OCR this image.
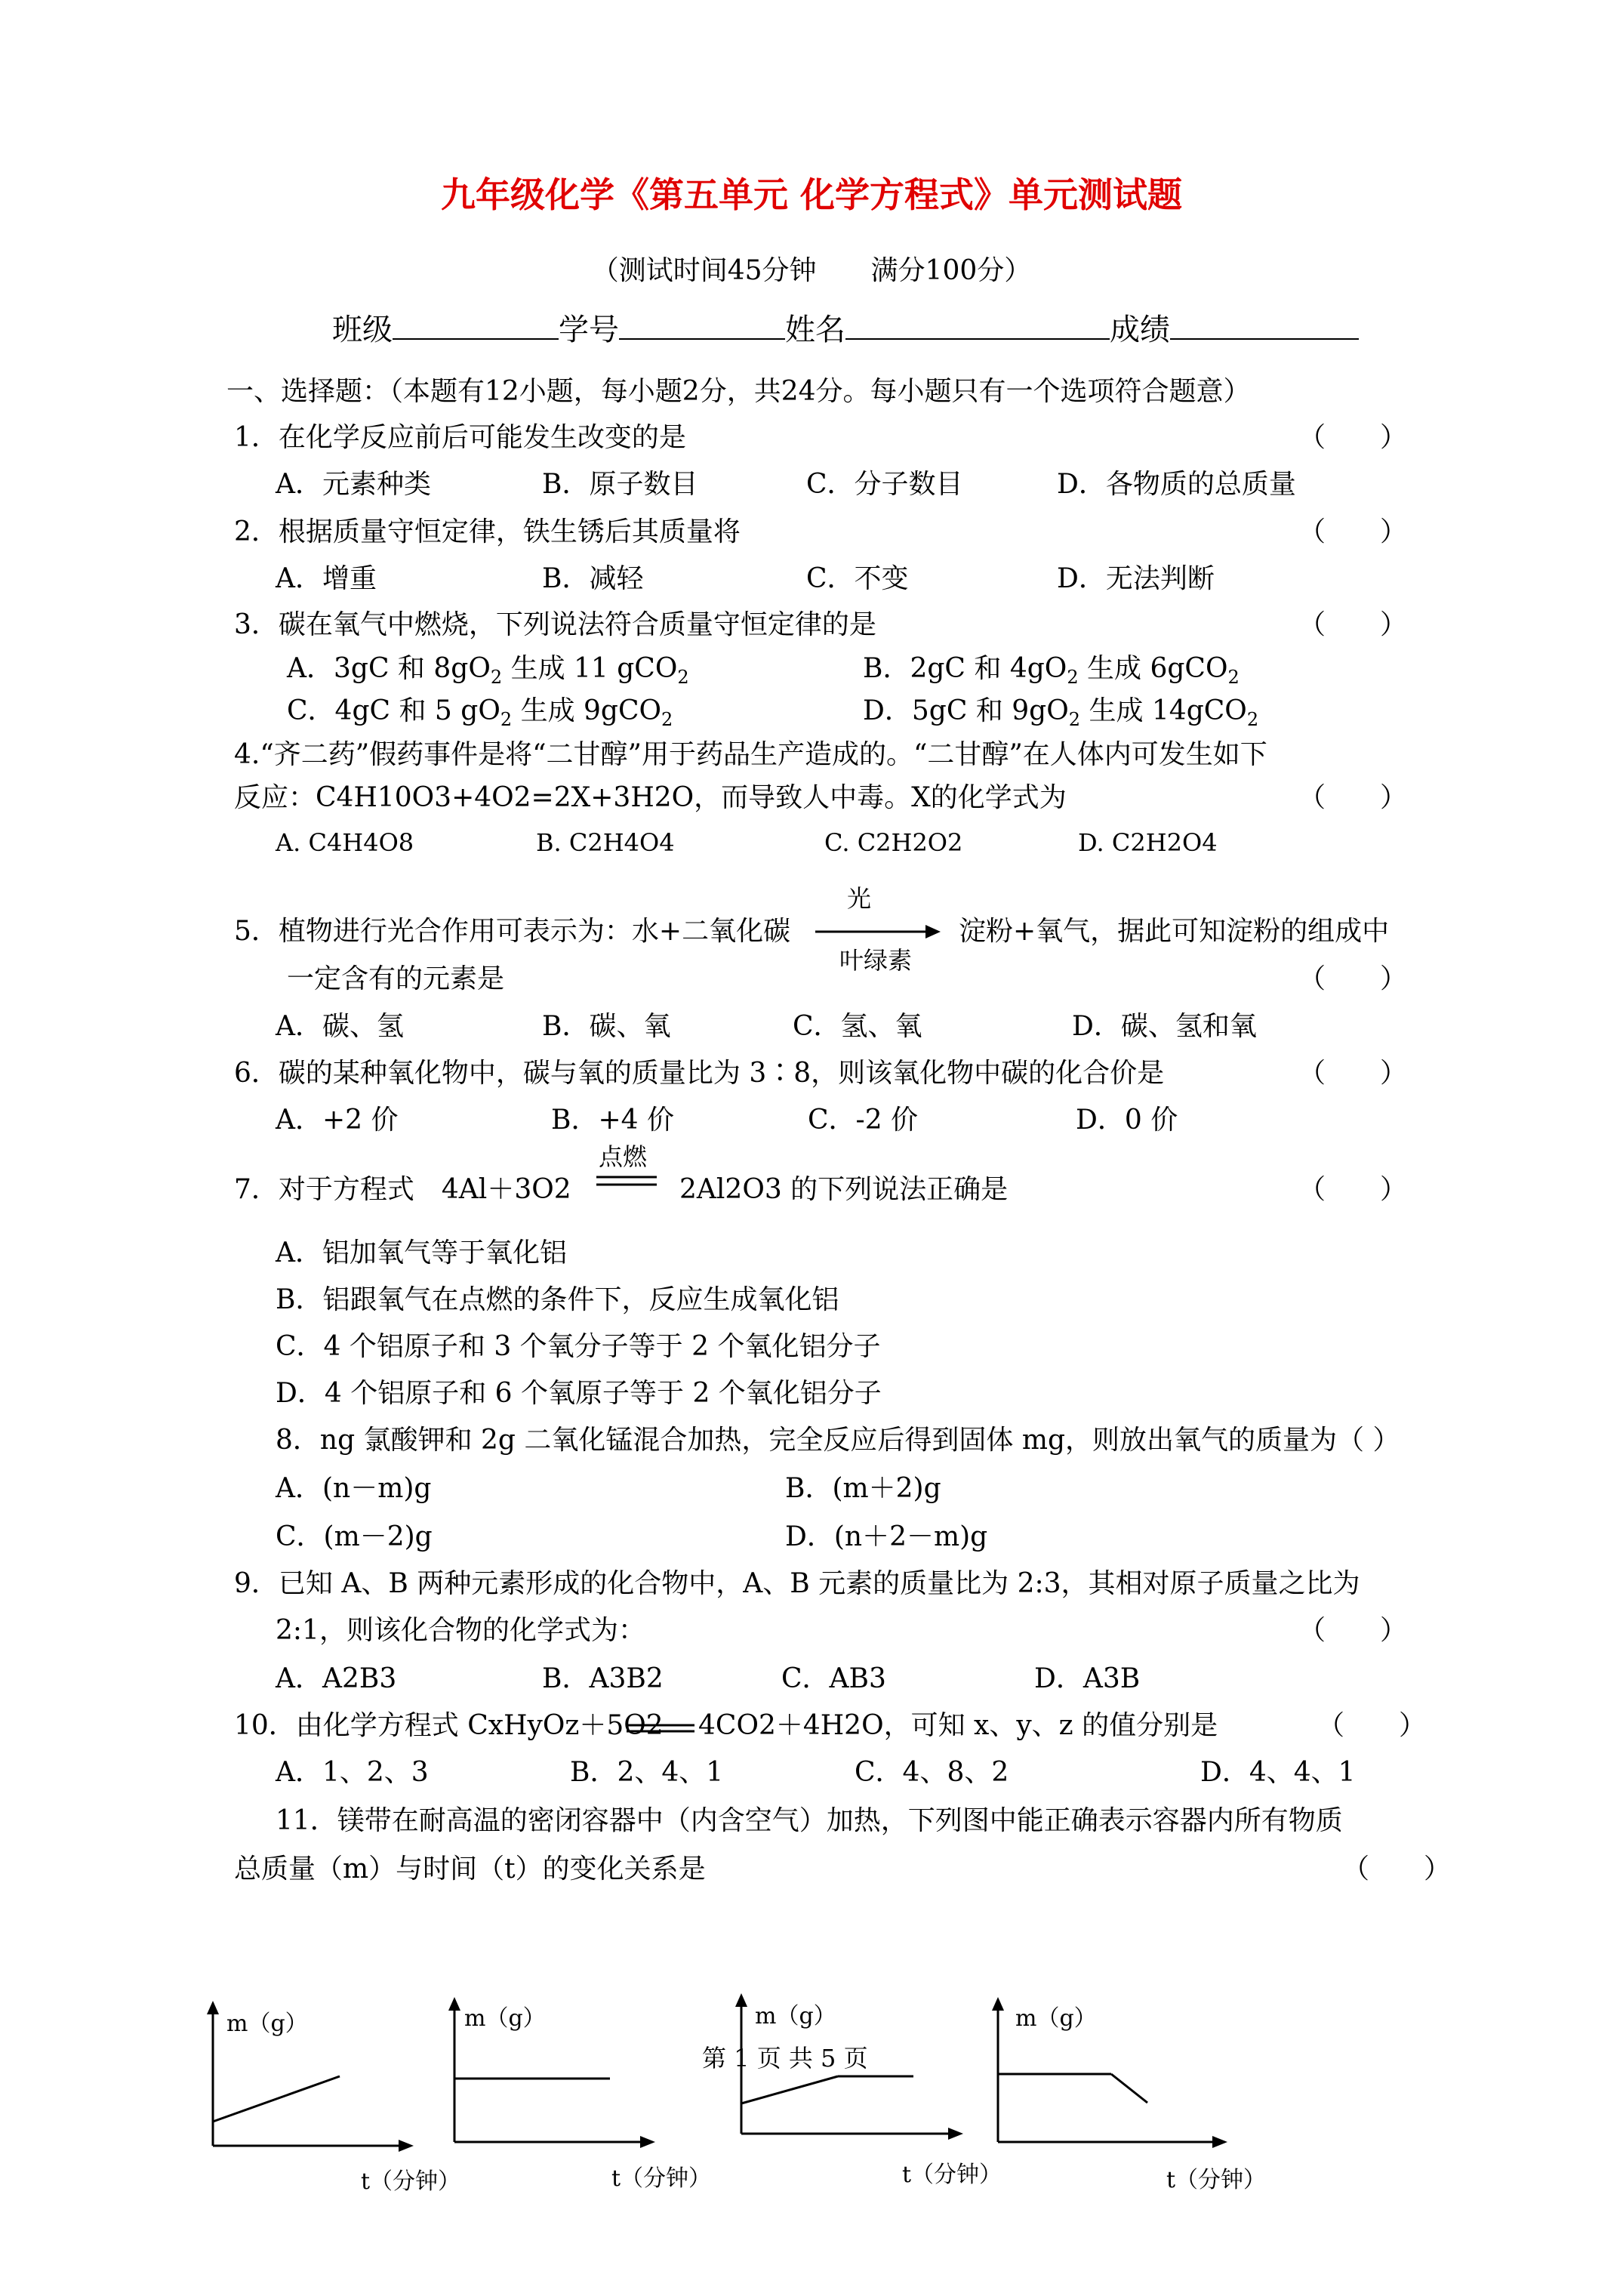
九年级化学《第五单元 化学方程式》单元测试题
（测试时间45分钟　　满分100分）
班级	学号	姓名	成绩
一、选择题：（本题有12小题，每小题2分，共24分。每小题只有一个选项符合题意）
1．在化学反应前后可能发生改变的是	（　　）
A．元素种类	B．原子数目	C．分子数目	D．各物质的总质量
2．根据质量守恒定律，铁生锈后其质量将	（　　）
A．增重	B．减轻	C．不变	D．无法判断
3．碳在氧气中燃烧，下列说法符合质量守恒定律的是	（　　）
A．3gC 和 $8gO_2$ 生成 11 gCO$_2$	B．2gC 和 $4gO_2$ 生成 6gCO$_2$
C．4gC 和 5 $gO_2$ 生成 9gCO$_2$	D．5gC 和 $9gO_2$ 生成 14gCO$_2$
4.“齐二药”假药事件是将“二甘醇”用于药品生产造成的。“二甘醇”在人体内可发生如下
反应：C4H10O3+4O2=2X+3H2O，而导致人中毒。X的化学式为	（　　）
A. C4H4O8	B. C2H4O4	C. C2H2O2	D. C2H2O4
5．植物进行光合作用可表示为：水+二氧化碳
光
叶绿素
淀粉+氧气，据此可知淀粉的组成中
一定含有的元素是	（　　）
A．碳、氢	B．碳、氧	C．氢、氧	D．碳、氢和氧
6．碳的某种氧化物中，碳与氧的质量比为 3∶8，则该氧化物中碳的化合价是	（　　）
A．+2 价	B．+4 价	C．-2 价	D．0 价
7．对于方程式　4Al＋3O2
点燃
2Al2O3 的下列说法正确是	（　　）
A．铝加氧气等于氧化铝
B．铝跟氧气在点燃的条件下，反应生成氧化铝
C．4 个铝原子和 3 个氧分子等于 2 个氧化铝分子
D．4 个铝原子和 6 个氧原子等于 2 个氧化铝分子
8．ng 氯酸钾和 2g 二氧化锰混合加热，完全反应后得到固体 mg，则放出氧气的质量为（ ）
A．(n－m)g	B．(m＋2)g
C．(m－2)g	D．(n＋2－m)g
9．已知 A、B 两种元素形成的化合物中，A、B 元素的质量比为 2:3，其相对原子质量之比为
2:1，则该化合物的化学式为：	（　　）
A．A2B3	B．A3B2	C．AB3	D．A3B
10．由化学方程式 CxHyOz＋5O2 4CO2＋4H2O，可知 x、y、z 的值分别是	（　　）
A．1、2、3	B．2、4、1	C．4、8、2	D．4、4、1
11．镁带在耐高温的密闭容器中（内含空气）加热，下列图中能正确表示容器内所有物质
总质量（m）与时间（t）的变化关系是	（　　）
m（g）
t（分钟）
m（g）
t（分钟）
m（g）
t（分钟）
m（g）
t（分钟）
第 1 页 共 5 页
